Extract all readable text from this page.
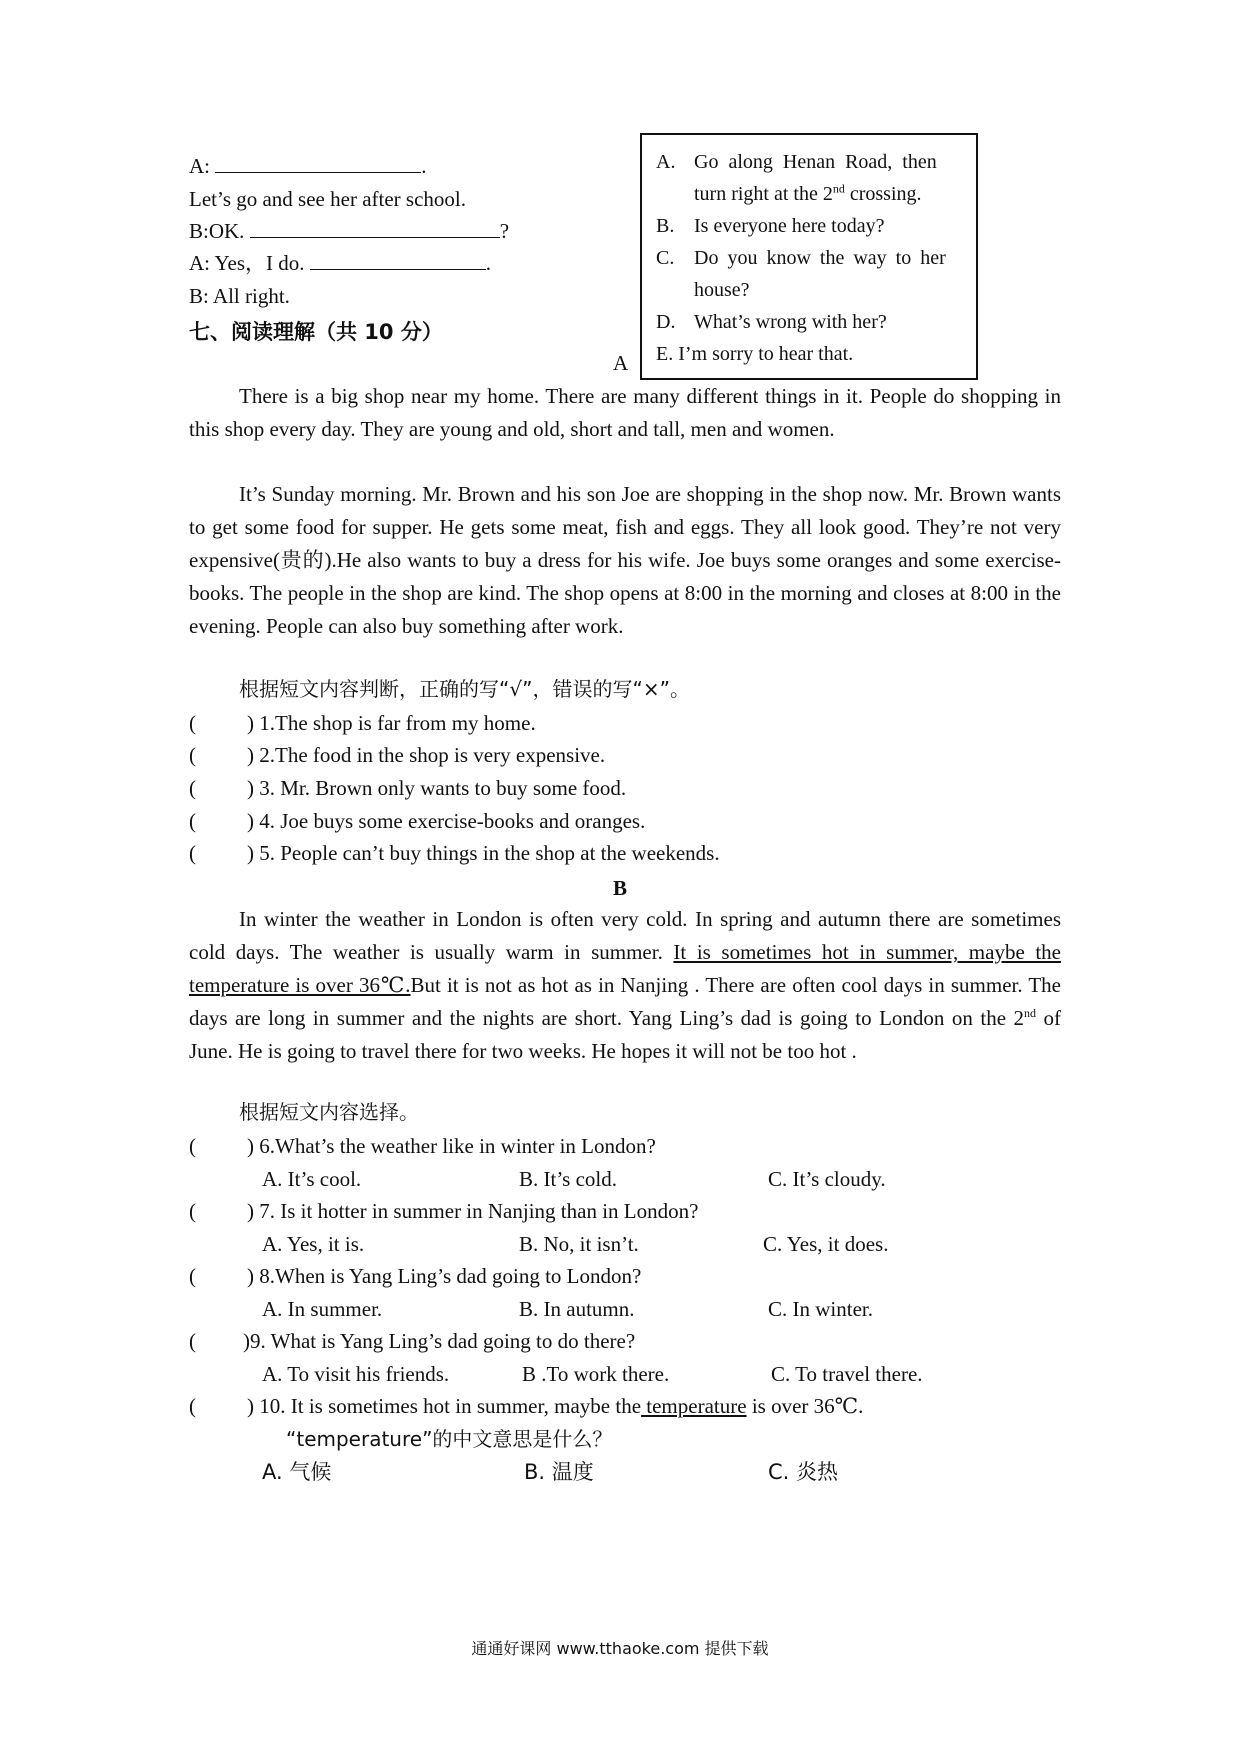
A:	.
Let’s go and see her after school.
B:OK.	?
A: Yes，I do.	.
B: All right.
七、阅读理解（共 10 分）
A
A. Go along Henan Road, then
turn right at the 2nd crossing.
B. Is everyone here today?
C. Do you know the way to her
house?
D. What’s wrong with her?
E. I’m sorry to hear that.

There is a big shop near my home. There are many different things in it. People do shopping in this shop every day. They are young and old, short and tall, men and women.

It’s Sunday morning. Mr. Brown and his son Joe are shopping in the shop now. Mr. Brown wants to get some food for supper. He gets some meat, fish and eggs. They all look good. They’re not very expensive(贵的).He also wants to buy a dress for his wife. Joe buys some oranges and some exercise-books. The people in the shop are kind. The shop opens at 8:00 in the morning and closes at 8:00 in the evening. People can also buy something after work.

根据短文内容判断，正确的写“√”，错误的写“×”。
( ) 1.The shop is far from my home.
( ) 2.The food in the shop is very expensive.
( ) 3. Mr. Brown only wants to buy some food.
( ) 4. Joe buys some exercise-books and oranges.
( ) 5. People can’t buy things in the shop at the weekends.
B

In winter the weather in London is often very cold. In spring and autumn there are sometimes cold days. The weather is usually warm in summer. It is sometimes hot in summer, maybe the temperature is over 36℃.But it is not as hot as in Nanjing . There are often cool days in summer. The days are long in summer and the nights are short. Yang Ling’s dad is going to London on the 2nd of June. He is going to travel there for two weeks. He hopes it will not be too hot .

根据短文内容选择。
( ) 6.What’s the weather like in winter in London?
A. It’s cool.	B. It’s cold.	C. It’s cloudy.
( ) 7. Is it hotter in summer in Nanjing than in London?
A. Yes, it is.	B. No, it isn’t.	C. Yes, it does.
( ) 8.When is Yang Ling’s dad going to London?
A. In summer.	B. In autumn.	C. In winter.
( )9. What is Yang Ling’s dad going to do there?
A. To visit his friends.	B .To work there.	C. To travel there.
( ) 10. It is sometimes hot in summer, maybe the temperature is over 36℃.
“temperature”的中文意思是什么？
A. 气候	B. 温度	C. 炎热
通通好课网 www.tthaoke.com 提供下载
